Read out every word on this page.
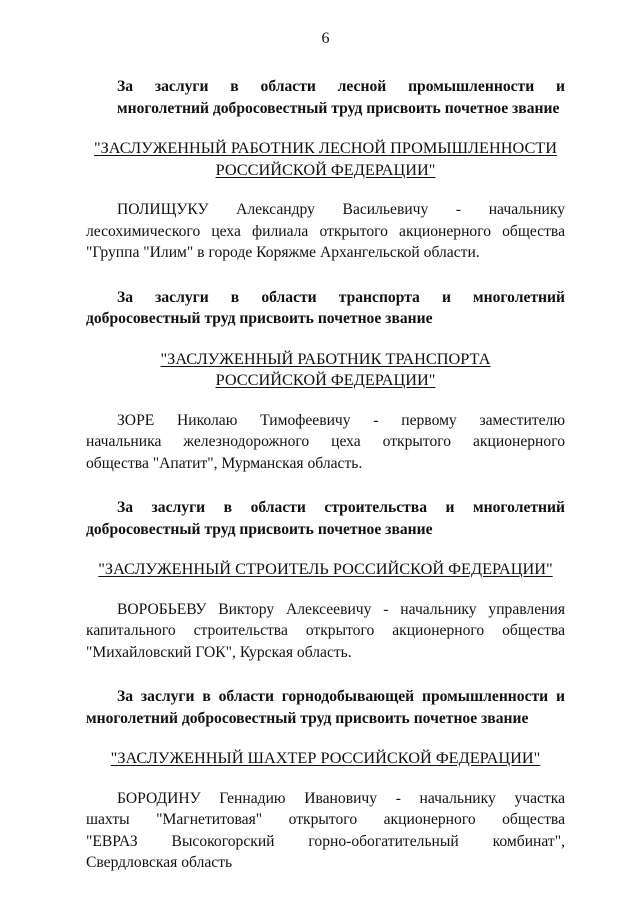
6

За заслуги в области лесной промышленности и
многолетний добросовестный труд присвоить почетное звание

"ЗАСЛУЖЕННЫЙ РАБОТНИК ЛЕСНОЙ ПРОМЫШЛЕННОСТИ
РОССИЙСКОЙ ФЕДЕРАЦИИ"

ПОЛИЩУКУ Александру Васильевичу - начальнику
лесохимического цеха филиала открытого акционерного общества
"Группа "Илим" в городе Коряжме Архангельской области.

За заслуги в области транспорта и многолетний
добросовестный труд присвоить почетное звание

"ЗАСЛУЖЕННЫЙ РАБОТНИК ТРАНСПОРТА
РОССИЙСКОЙ ФЕДЕРАЦИИ"

ЗОРЕ Николаю Тимофеевичу - первому заместителю
начальника железнодорожного цеха открытого акционерного
общества "Апатит", Мурманская область.

За заслуги в области строительства и многолетний
добросовестный труд присвоить почетное звание

"ЗАСЛУЖЕННЫЙ СТРОИТЕЛЬ РОССИЙСКОЙ ФЕДЕРАЦИИ"

ВОРОБЬЕВУ Виктору Алексеевичу - начальнику управления
капитального строительства открытого акционерного общества
"Михайловский ГОК", Курская область.

За заслуги в области горнодобывающей промышленности и
многолетний добросовестный труд присвоить почетное звание

"ЗАСЛУЖЕННЫЙ ШАХТЕР РОССИЙСКОЙ ФЕДЕРАЦИИ"

БОРОДИНУ Геннадию Ивановичу - начальнику участка
шахты "Магнетитовая" открытого акционерного общества
"ЕВРАЗ Высокогорский горно-обогатительный комбинат",
Свердловская область
